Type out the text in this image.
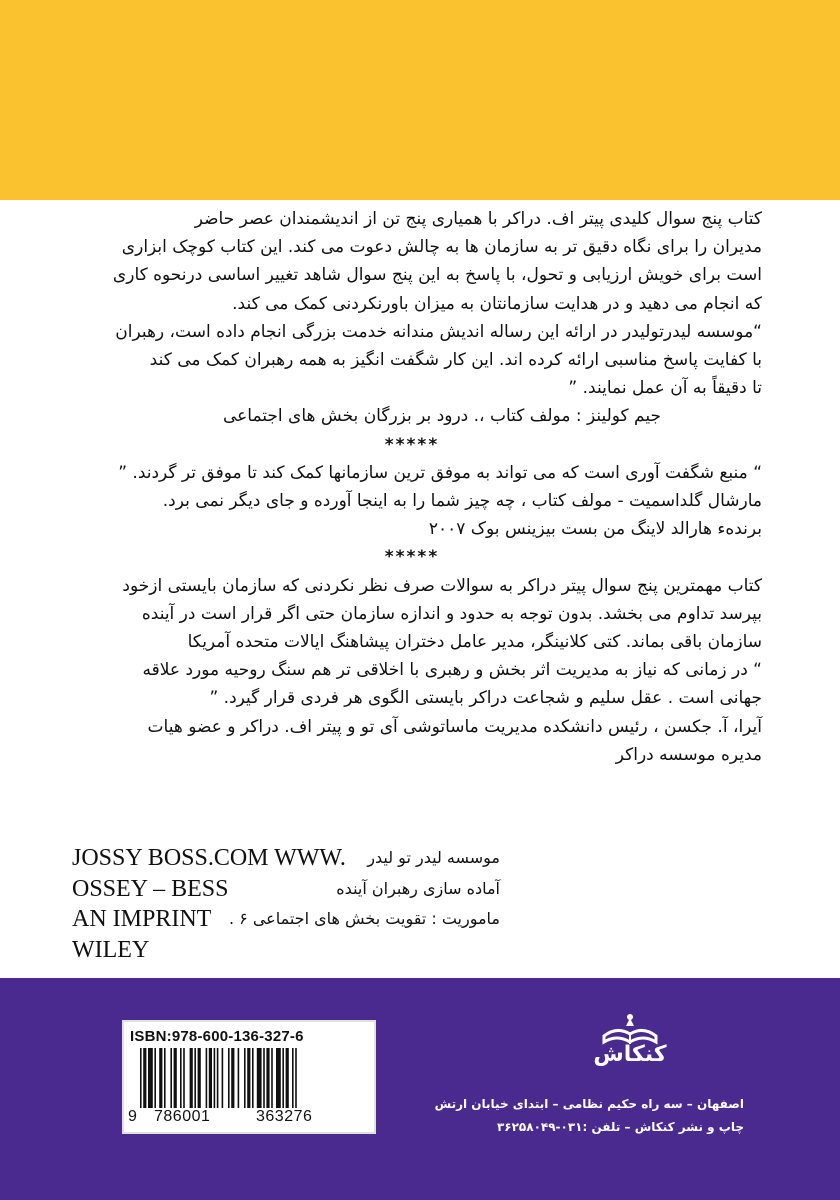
کتاب پنج سوال کلیدی پیتر اف. دراکر با همیاری پنج تن از اندیشمندان عصر حاضر
مدیران را برای نگاه دقیق تر به سازمان ها به چالش دعوت می کند. این کتاب کوچک ابزاری
است برای خویش ارزیابی و تحول، با پاسخ به این پنج سوال شاهد تغییر اساسی درنحوه کاری
که انجام می دهید و در هدایت سازمانتان به میزان باورنکردنی کمک می کند.
“موسسه لیدرتولیدر در ارائه این رساله اندیش مندانه خدمت بزرگی انجام داده است، رهبران
با کفایت پاسخ مناسبی ارائه کرده اند. این کار شگفت انگیز به همه رهبران کمک می کند
تا دقیقاً به آن عمل نمایند. ”
جیم کولینز : مولف کتاب ،. درود بر بزرگان بخش های اجتماعی
*****
“ منبع شگفت آوری است که می تواند به موفق ترین سازمانها کمک کند تا موفق تر گردند. ”
مارشال گلداسمیت - مولف کتاب ، چه چیز شما را به اینجا آورده و جای دیگر نمی برد.
برندهء هارالد لاینگ من بست بیزینس بوک ۲۰۰۷
*****
کتاب مهمترین پنج سوال پیتر دراکر به سوالات صرف نظر نکردنی که سازمان بایستی ازخود
بپرسد تداوم می بخشد. بدون توجه به حدود و اندازه سازمان حتی اگر قرار است در آینده
سازمان باقی بماند. کتی کلانینگر، مدیر عامل دختران پیشاهنگ ایالات متحده آمریکا
“ در زمانی که نیاز به مدیریت اثر بخش و رهبری با اخلاقی تر هم سنگ روحیه مورد علاقه
جهانی است . عقل سلیم و شجاعت دراکر بایستی الگوی هر فردی قرار گیرد. ”
آیرا، آ. جکسن ، رئیس دانشکده مدیریت ماساتوشی آی تو و پیتر اف. دراکر و عضو هیات
مدیره موسسه دراکر
JOSSY BOSS.COM WWW.
OSSEY – BESS
AN IMPRINT
WILEY
موسسه لیدر تو لیدر
آماده سازی رهبران آینده
ماموریت : تقویت بخش های اجتماعی ۶ .
ISBN:978-600-136-327-6
9 786001	363276
کنکاش
اصفهان – سه راه حکیم نظامی – ابتدای خیابان ارتش
چاپ و نشر کنکاش – تلفن :۰۳۱-۳۶۲۵۸۰۴۹
